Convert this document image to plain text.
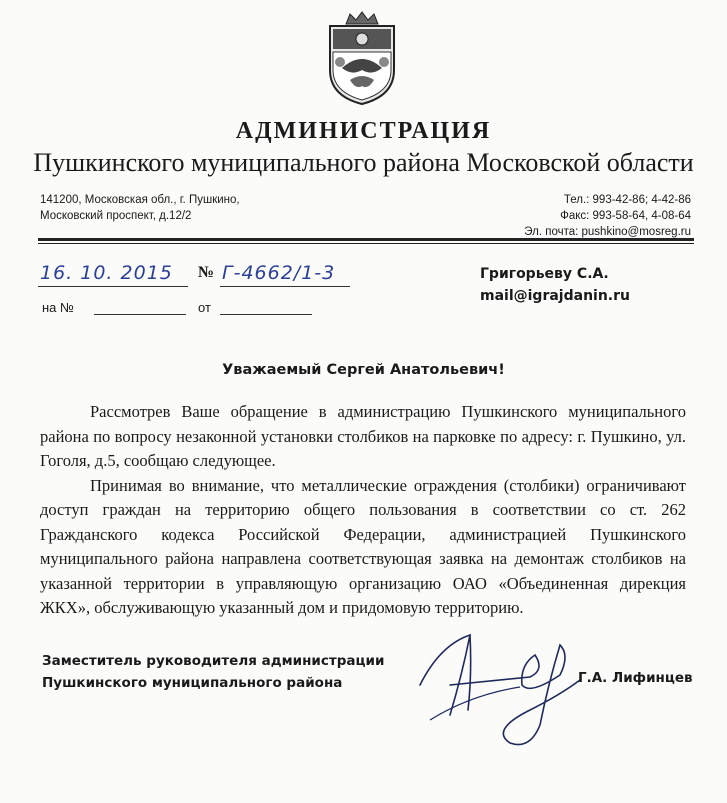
АДМИНИСТРАЦИЯ
Пушкинского муниципального района Московской области
141200, Московская обл., г. Пушкино,
Московский проспект, д.12/2
Тел.: 993-42-86; 4-42-86
Факс: 993-58-64, 4-08-64
Эл. почта: pushkino@mosreg.ru
16. 10. 2015 № Г-4662/1-3
на №	от
Григорьеву С.А.
mail@igrajdanin.ru
Уважаемый Сергей Анатольевич!

Рассмотрев Ваше обращение в администрацию Пушкинского муниципального района по вопросу незаконной установки столбиков на парковке по адресу: г. Пушкино, ул. Гоголя, д.5, сообщаю следующее.

Принимая во внимание, что металлические ограждения (столбики) ограничивают доступ граждан на территорию общего пользования в соответствии со ст. 262 Гражданского кодекса Российской Федерации, администрацией Пушкинского муниципального района направлена соответствующая заявка на демонтаж столбиков на указанной территории в управляющую организацию ОАО «Объединенная дирекция ЖКХ», обслуживающую указанный дом и придомовую территорию.

Заместитель руководителя администрации
Пушкинского муниципального района	Г.А. Лифинцев
